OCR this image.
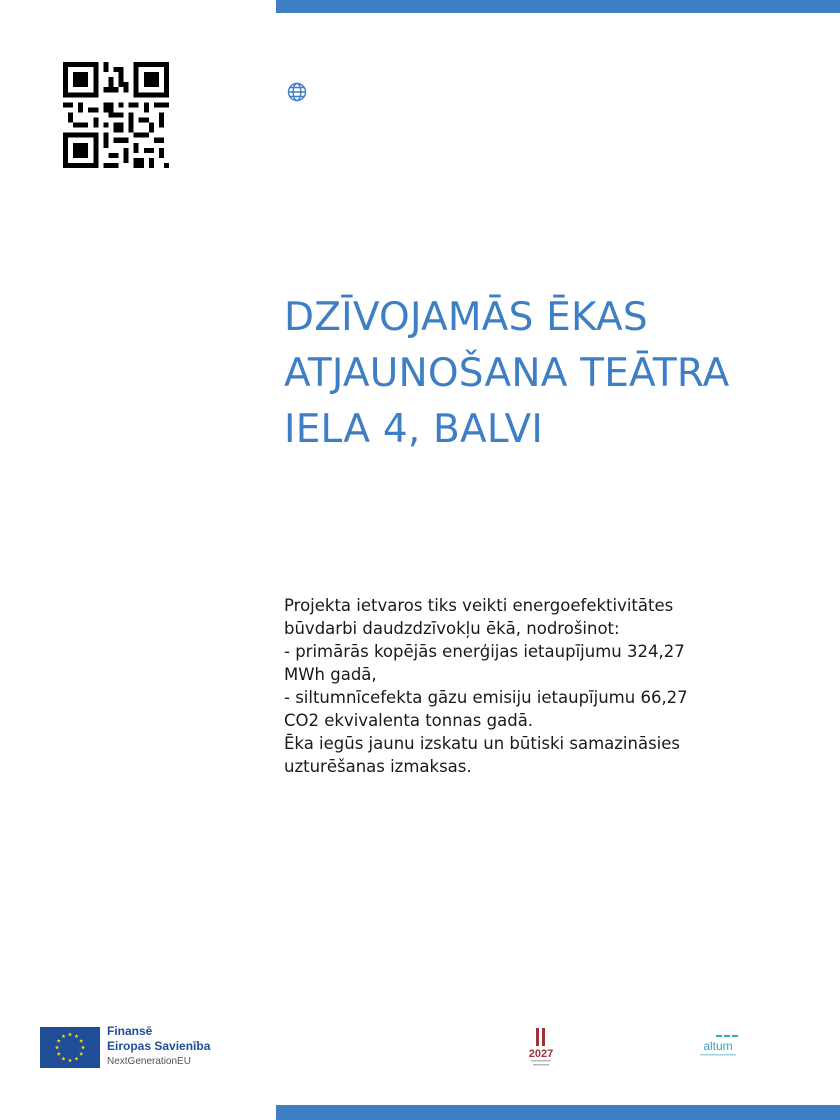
DZĪVOJAMĀS ĒKAS
ATJAUNOŠANA TEĀTRA
IELA 4, BALVI
Projekta ietvaros tiks veikti energoefektivitātes
būvdarbi daudzdzīvokļu ēkā, nodrošinot:
- primārās kopējās enerģijas ietaupījumu 324,27
MWh gadā,
- siltumnīcefekta gāzu emisiju ietaupījumu 66,27
CO2 ekvivalenta tonnas gadā.
Ēka iegūs jaunu izskatu un būtiski samazināsies
uzturēšanas izmaksas.
Finansē
Eiropas Savienība
NextGenerationEU
2027
altum
